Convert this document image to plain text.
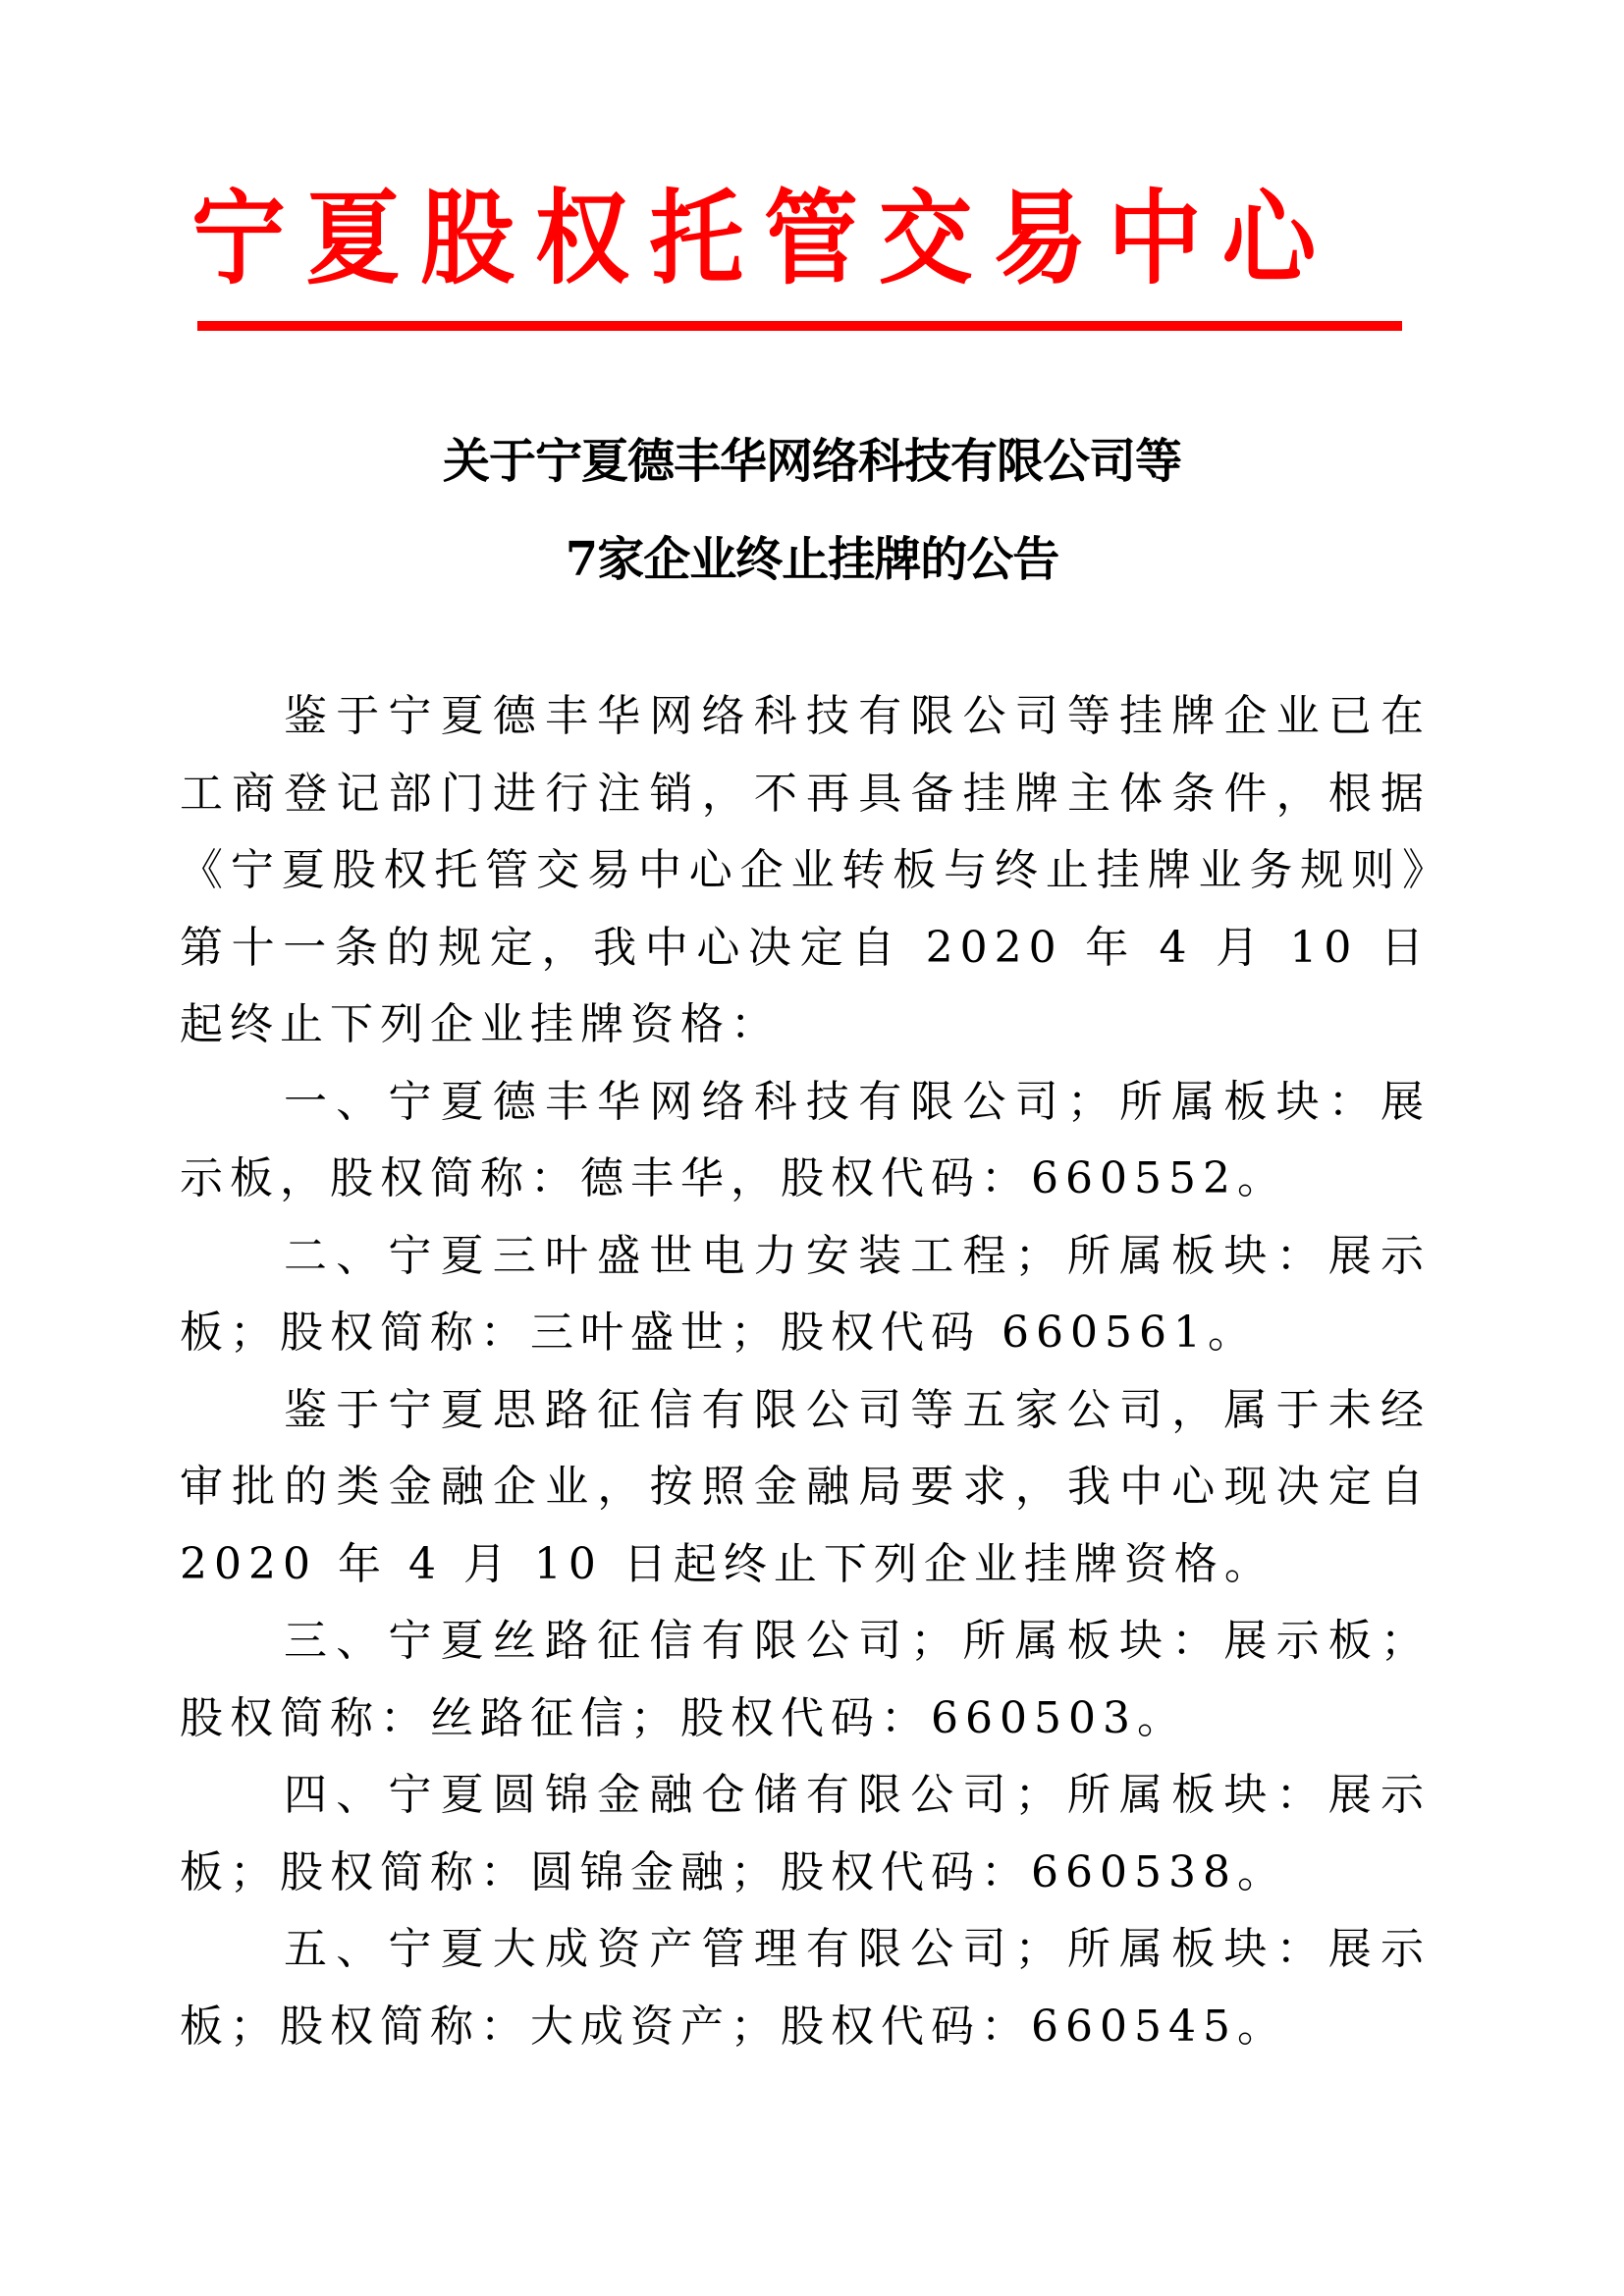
宁 夏 股 权 托 管 交 易 中 心
关于宁夏德丰华网络科技有限公司等
7家企业终止挂牌的公告

鉴于宁夏德丰华网络科技有限公司等挂牌企业已在工商登记部门进行注销，不再具备挂牌主体条件，根据《宁夏股权托管交易中心企业转板与终止挂牌业务规则》第十一条的规定，我中心决定自 2020 年 4 月 10 日起终止下列企业挂牌资格：

一、宁夏德丰华网络科技有限公司；所属板块：展示板，股权简称：德丰华，股权代码：660552。

二、宁夏三叶盛世电力安装工程；所属板块：展示板；股权简称：三叶盛世；股权代码 660561。

鉴于宁夏思路征信有限公司等五家公司，属于未经审批的类金融企业，按照金融局要求，我中心现决定自 2020 年 4 月 10 日起终止下列企业挂牌资格。

三、宁夏丝路征信有限公司；所属板块：展示板；股权简称：丝路征信；股权代码：660503。

四、宁夏圆锦金融仓储有限公司；所属板块：展示板；股权简称：圆锦金融；股权代码：660538。

五、宁夏大成资产管理有限公司；所属板块：展示板；股权简称：大成资产；股权代码：660545。
